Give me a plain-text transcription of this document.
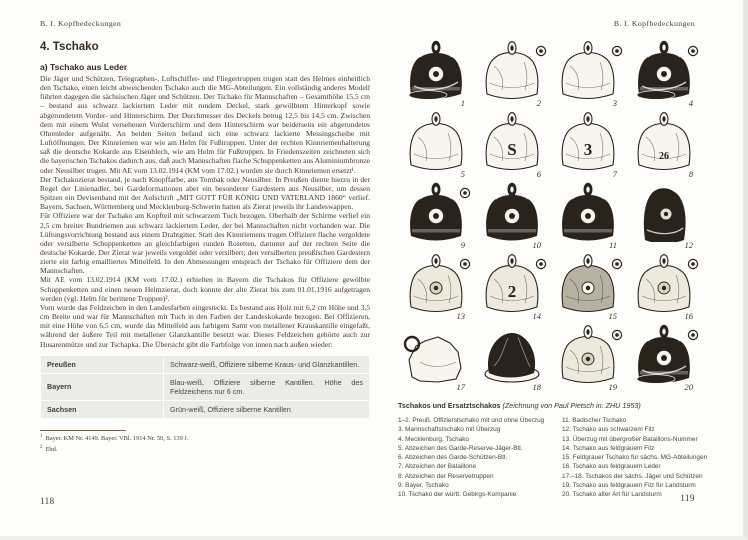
B. I. Kopfbedeckungen
4. Tschako
a) Tschako aus Leder

Die Jäger und Schützen, Telegraphen-, Luftschiffer- und Fliegertruppen trugen statt des Helmes einheitlich den Tschako, einen leicht abweichenden Tschako auch die MG-Abteilungen. Ein vollständig anderes Modell führten dagegen die sächsischen Jäger und Schützen. Der Tschako für Mannschaften – Gesamthöhe 15,5 cm – bestand aus schwarz lackiertem Leder mit rundem Deckel, stark gewölbtem Hinterkopf sowie abgerundetem Vorder- und Hinterschirm. Der Durchmesser des Deckels betrug 12,5 bis 14,5 cm. Zwischen dem mit einem Wulst versehenen Vorderschirm und dem Hinterschirm war beiderseits ein abgerundetes Ohrenleder aufgenäht. An beiden Seiten befand sich eine schwarz lackierte Messingscheibe mit Luftöffnungen. Der Kinnriemen war wie am Helm für Fußtruppen. Unter der rechten Kinnriemenhalterung saß die deutsche Kokarde aus Eisenblech, wie am Helm für Fußtruppen. In Friedenszeiten zeichneten sich die bayerischen Tschakos dadurch aus, daß auch Mannschaften flache Schuppenketten aus Aluminiumbronze oder Neusilber trugen. Mit AE vom 13.02.1914 (KM vom 17.02.) wurden sie durch Kinnriemen ersetzt¹.

Der Tschakozierat bestand, je nach Knopffarbe, aus Tombak oder Neusilber. In Preußen diente hierzu in der Regel der Linienadler, bei Gardeformationen aber ein besonderer Gardestern aus Neusilber, um dessen Spitzen ein Devisenband mit der Aufschrift „MIT GOTT FÜR KÖNIG UND VATERLAND 1860“ verlief. Bayern, Sachsen, Württemberg und Mecklenburg-Schwerin hatten als Zierat jeweils ihr Landeswappen.

Für Offiziere war der Tschako am Kopfteil mit schwarzem Tuch bezogen. Oberhalb der Schirme verlief ein 2,5 cm breiter Bundriemen aus schwarz lackiertem Leder, der bei Mannschaften nicht vorhanden war. Die Lüftungsvorrichtung bestand aus einem Drahtgitter. Statt des Kinnriemens trugen Offiziere flache vergoldete oder versilberte Schuppenketten an gleichfarbigen runden Rosetten, darunter auf der rechten Seite die deutsche Kokarde. Der Zierat war jeweils vergoldet oder versilbert; den versilberten preußischen Gardestern zierte ein farbig emailliertes Mittelfeld. In den Abmessungen entsprach der Tschako für Offiziere dem der Mannschaften.

Mit AE vom 13.02.1914 (KM vom 17.02.) erhielten in Bayern die Tschakos für Offiziere gewölbte Schuppenketten und einen neuen Helmzierat, doch konnte der alte Zierat bis zum 01.01.1916 aufgetragen werden (vgl. Helm für berittene Truppen)².

Vorn wurde das Feldzeichen in den Landesfarben eingesteckt. Es bestand aus Holz mit 6,2 cm Höhe und 3,5 cm Breite und war für Mannschaften mit Tuch in den Farben der Landeskokarde bezogen. Bei Offizieren, mit eine Höhe von 6,5 cm, wurde das Mittelfeld aus farbigem Samt von metallener Krauskantille eingefaßt, während der äußere Teil mit metallener Glanzkantille besetzt war. Dieses Feldzeichen gehörte auch zur Husarenmütze und zur Tschapka. Die Übersicht gibt die Farbfolge von innen nach außen wieder:

Preußen	Schwarz-weiß, Offiziere silberne Kraus- und Glanzkantillen.
Bayern	Blau-weiß, Offiziere silberne Kantillen. Höhe des Feldzeichens nur 6 cm.
Sachsen	Grün-weiß, Offiziere silberne Kantillen
$^1$ Bayer. KM Nr. 4149. Bayer. VBl. 1914 Nr. 50, S. 139 f.
$^2$ Ebd.
118
B. I. Kopfbedeckungen
1	2	3	4
5
S
6
3
7
26
8
9	10	11	12
13
2
14	15	16
17	18	19	20
Tschakos und Ersatztschakos (Zeichnung von Paul Pietsch in: ZHU 1953)
1–2. Preuß. Offizierstschako mit und ohne Überzug
3. Mannschaftstschako mit Überzug
4. Mecklenburg. Tschako
5. Abzeichen des Garde-Reserve-Jäger-Btl.
6. Abzeichen des Garde-Schützen-Btl.
7. Abzeichen der Bataillone
8. Abzeichen der Reservetruppen
9. Bayer. Tschako
10. Tschako der württ. Gebirgs-Kompanie
11. Badischer Tschako
12. Tschako aus schwarzem Filz
13. Überzug mit übergroßer Bataillons-Nummer
14. Tschako aus feldgrauem Filz
15. Feldgrauer Tschako für sächs. MG-Abteilungen
16. Tschako aus feldgrauem Leder
17.–18. Tschakos der sächs. Jäger und Schützen
19. Tschako aus feldgrauem Filz für Landsturm
20. Tschako alter Art für Landsturm	119
